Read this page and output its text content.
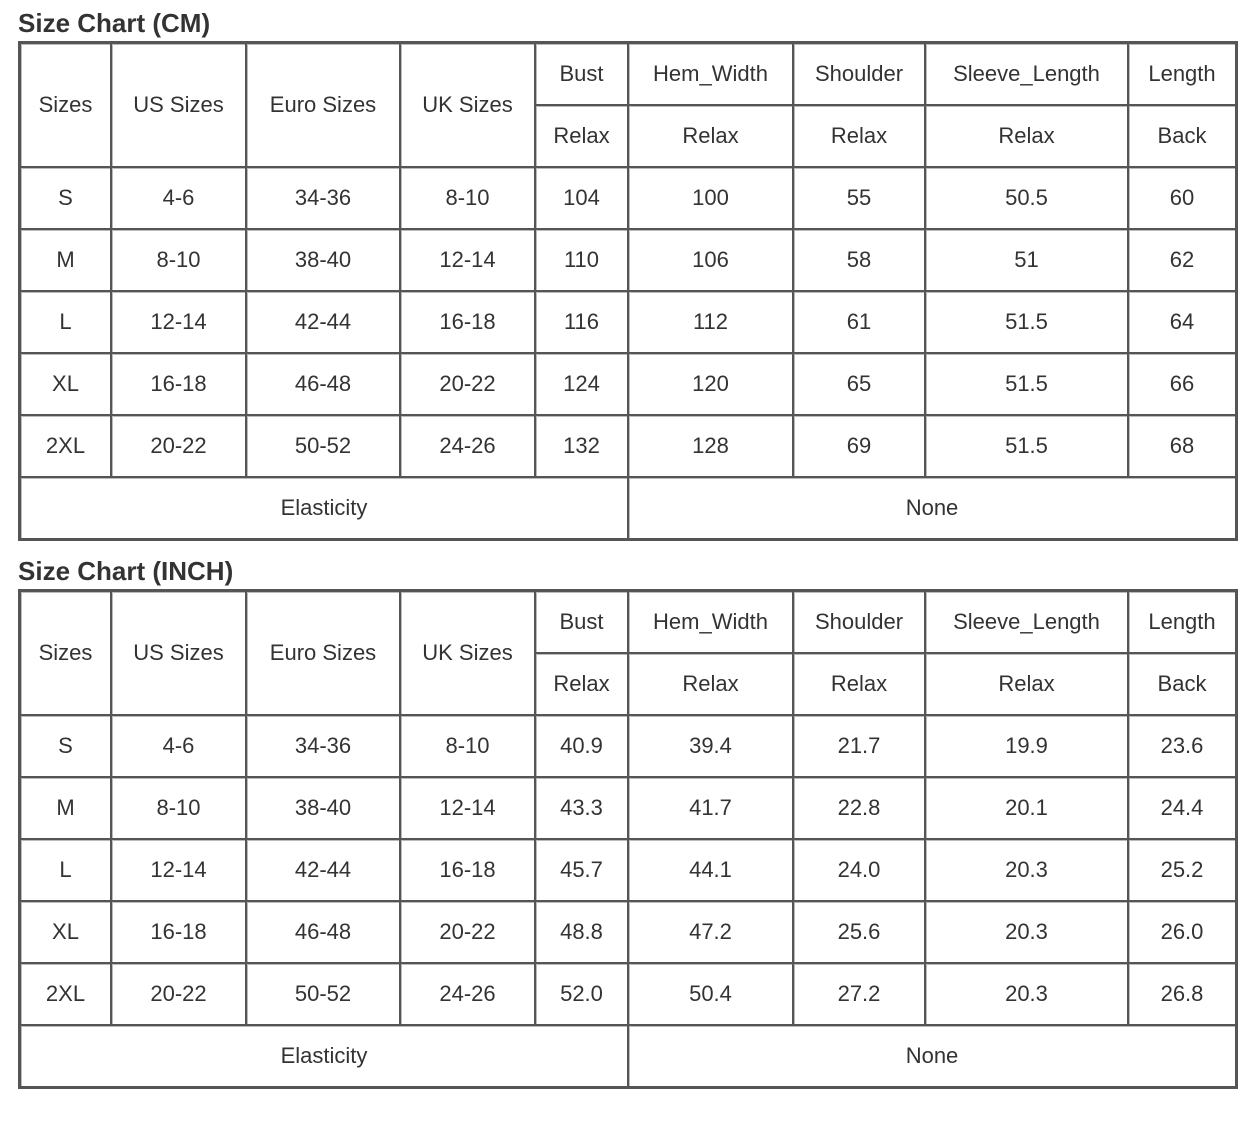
Size Chart (CM)
Sizes	US Sizes	Euro Sizes	UK Sizes	Bust	Hem_Width	Shoulder	Sleeve_Length	Length
				Relax	Relax	Relax	Relax	Back
S	4-6	34-36	8-10	104	100	55	50.5	60
M	8-10	38-40	12-14	110	106	58	51	62
L	12-14	42-44	16-18	116	112	61	51.5	64
XL	16-18	46-48	20-22	124	120	65	51.5	66
2XL	20-22	50-52	24-26	132	128	69	51.5	68
Elasticity					None			
Size Chart (INCH)
Sizes	US Sizes	Euro Sizes	UK Sizes	Bust	Hem_Width	Shoulder	Sleeve_Length	Length
				Relax	Relax	Relax	Relax	Back
S	4-6	34-36	8-10	40.9	39.4	21.7	19.9	23.6
M	8-10	38-40	12-14	43.3	41.7	22.8	20.1	24.4
L	12-14	42-44	16-18	45.7	44.1	24.0	20.3	25.2
XL	16-18	46-48	20-22	48.8	47.2	25.6	20.3	26.0
2XL	20-22	50-52	24-26	52.0	50.4	27.2	20.3	26.8
Elasticity					None			
